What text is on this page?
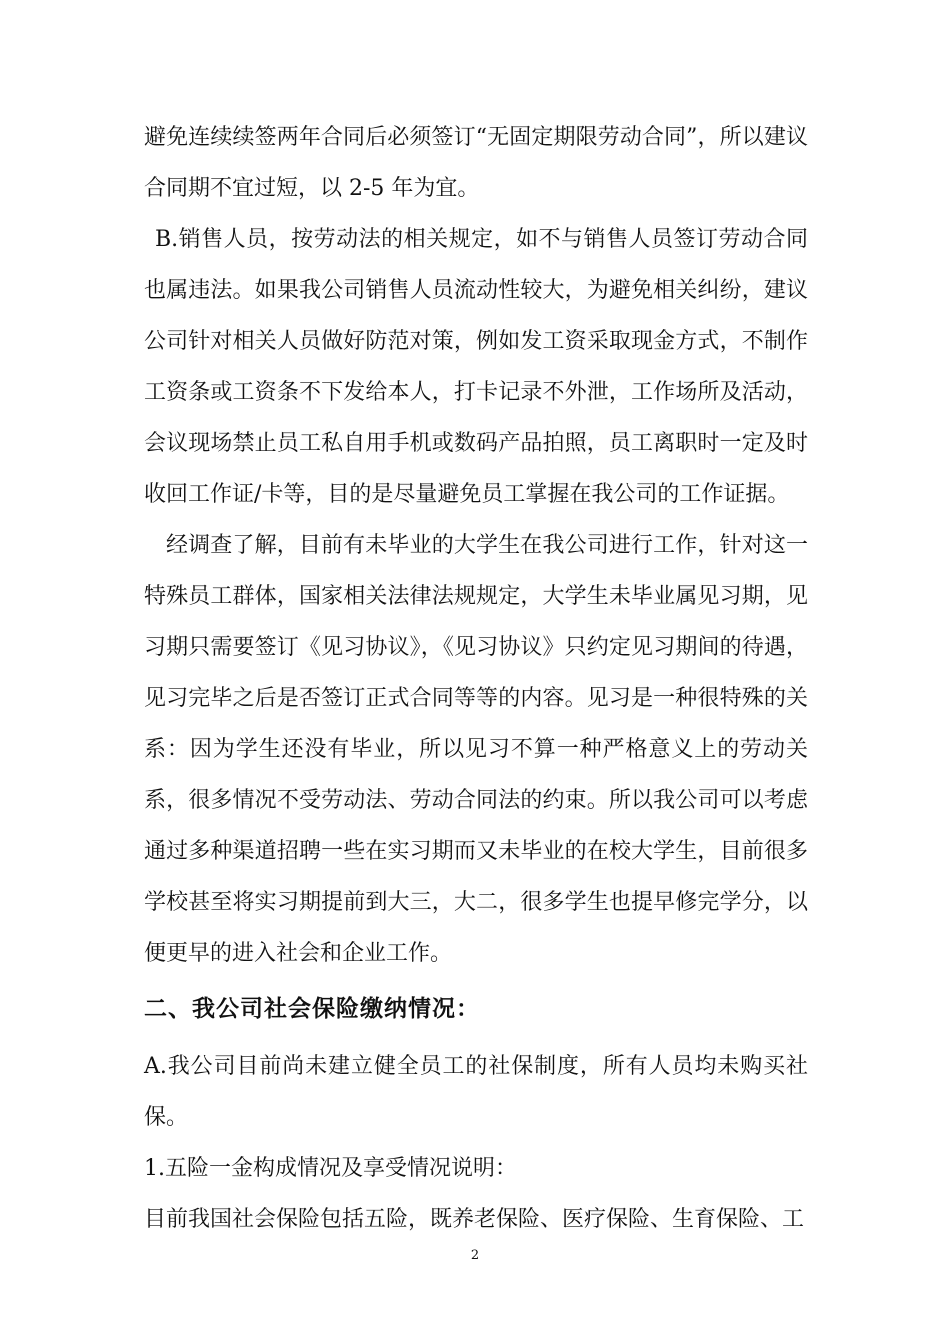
避免连续续签两年合同后必须签订“无固定期限劳动合同”，所以建议合同期不宜过短，以 2-5 年为宜。

B.销售人员，按劳动法的相关规定，如不与销售人员签订劳动合同也属违法。如果我公司销售人员流动性较大，为避免相关纠纷，建议公司针对相关人员做好防范对策，例如发工资采取现金方式，不制作工资条或工资条不下发给本人，打卡记录不外泄，工作场所及活动，会议现场禁止员工私自用手机或数码产品拍照，员工离职时一定及时收回工作证/卡等，目的是尽量避免员工掌握在我公司的工作证据。

经调查了解，目前有未毕业的大学生在我公司进行工作，针对这一特殊员工群体，国家相关法律法规规定，大学生未毕业属见习期，见习期只需要签订《见习协议》，《见习协议》只约定见习期间的待遇，见习完毕之后是否签订正式合同等等的内容。见习是一种很特殊的关系：因为学生还没有毕业，所以见习不算一种严格意义上的劳动关系，很多情况不受劳动法、劳动合同法的约束。所以我公司可以考虑通过多种渠道招聘一些在实习期而又未毕业的在校大学生，目前很多学校甚至将实习期提前到大三，大二，很多学生也提早修完学分，以便更早的进入社会和企业工作。

二、我公司社会保险缴纳情况：

A.我公司目前尚未建立健全员工的社保制度，所有人员均未购买社保。

1.五险一金构成情况及享受情况说明：

目前我国社会保险包括五险，既养老保险、医疗保险、生育保险、工

2
